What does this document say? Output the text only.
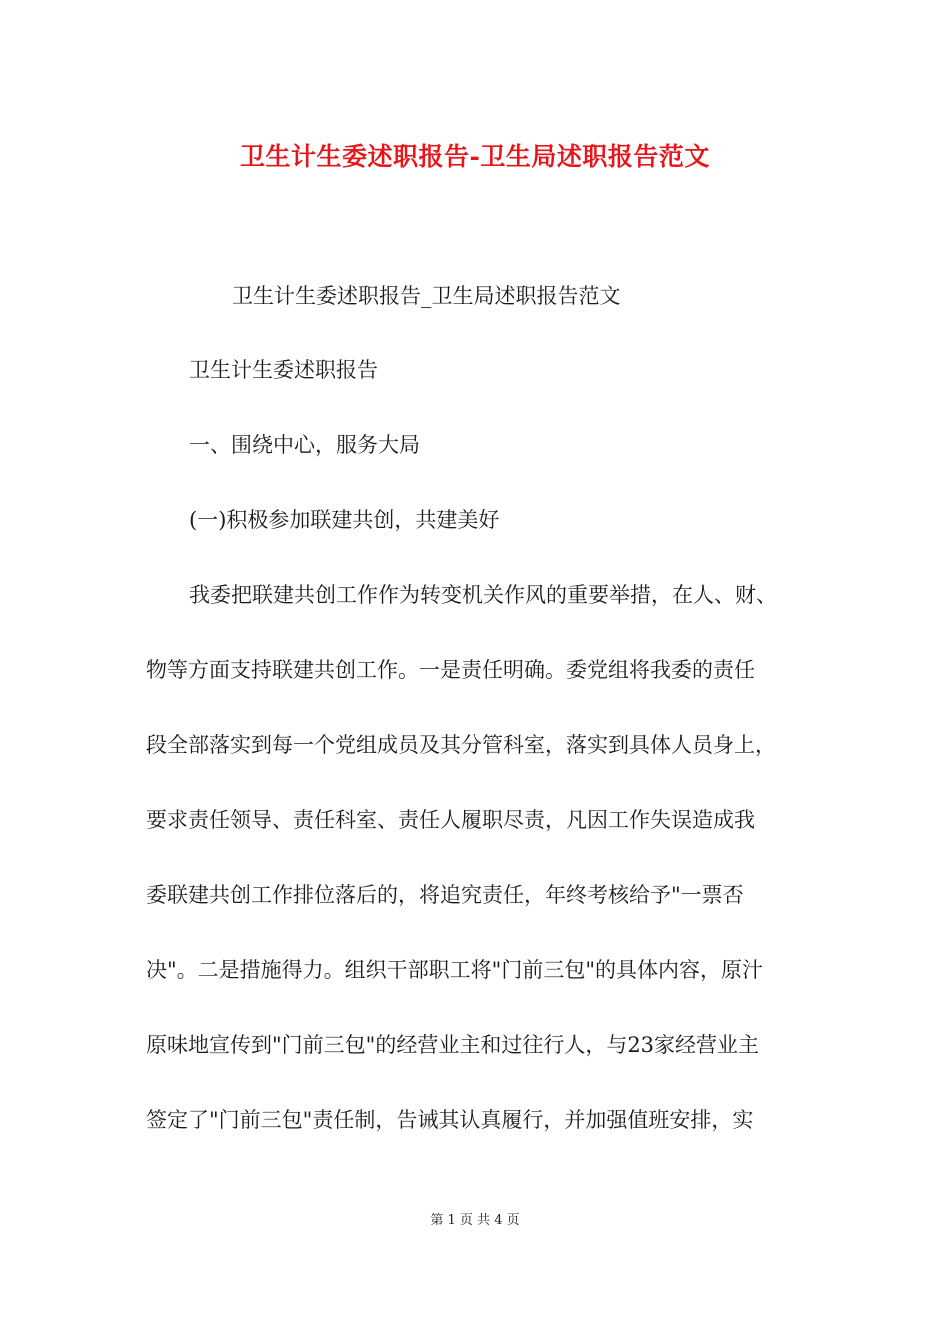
卫生计生委述职报告-卫生局述职报告范文
卫生计生委述职报告_卫生局述职报告范文
卫生计生委述职报告
一、围绕中心，服务大局
(一)积极参加联建共创，共建美好
我委把联建共创工作作为转变机关作风的重要举措，在人、财、
物等方面支持联建共创工作。一是责任明确。委党组将我委的责任
段全部落实到每一个党组成员及其分管科室，落实到具体人员身上，
要求责任领导、责任科室、责任人履职尽责，凡因工作失误造成我
委联建共创工作排位落后的，将追究责任，年终考核给予"一票否
决"。二是措施得力。组织干部职工将"门前三包"的具体内容，原汁
原味地宣传到"门前三包"的经营业主和过往行人，与23家经营业主
签定了"门前三包"责任制，告诫其认真履行，并加强值班安排，实
第 1 页 共 4 页
